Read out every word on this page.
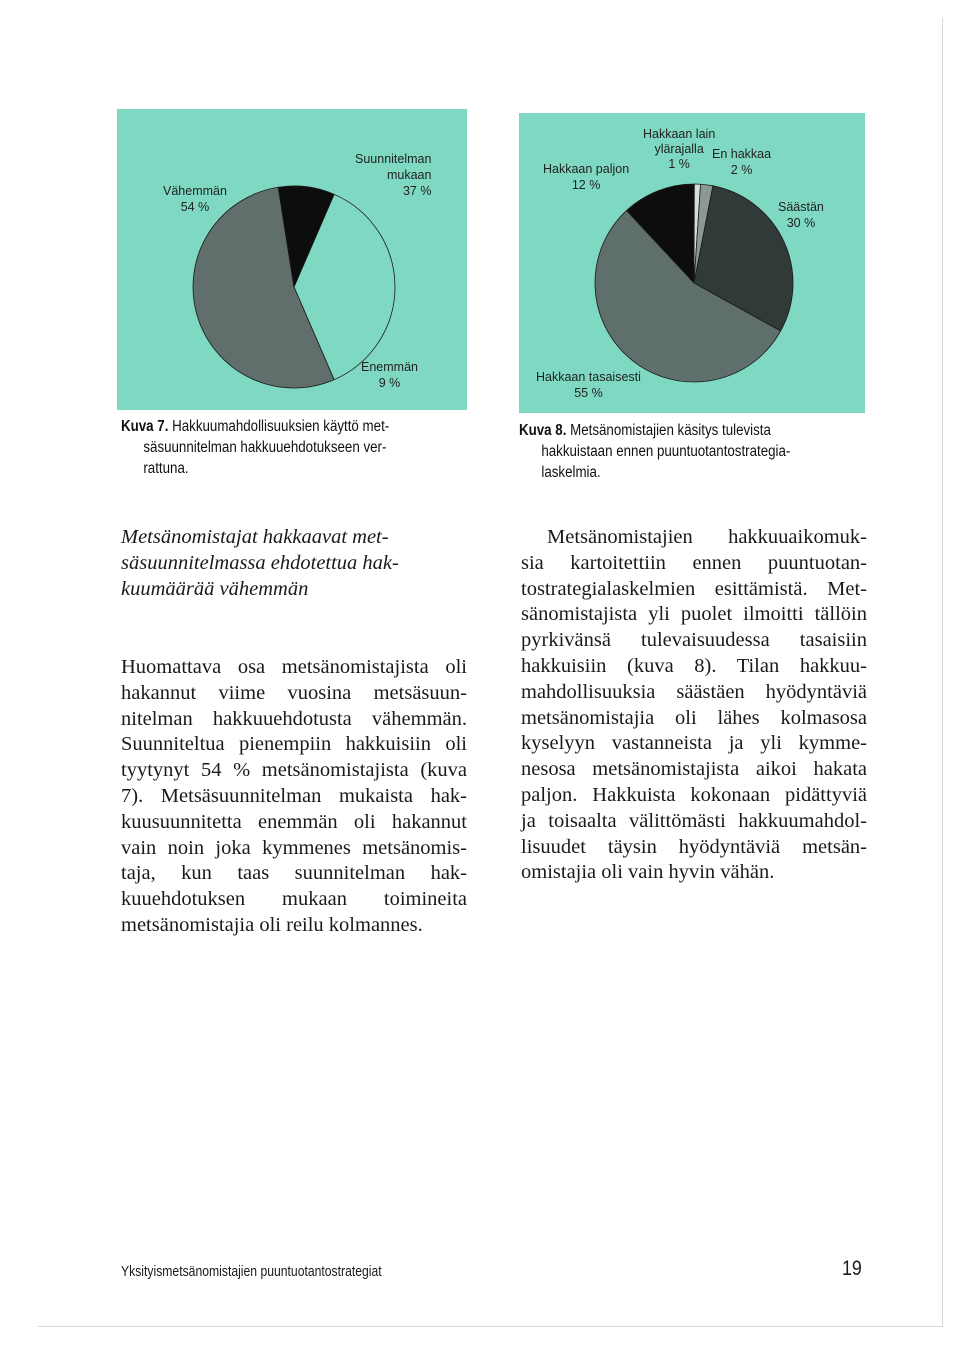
Vähemmän
54 %
Suunnitelman
mukaan
37 %
Enemmän
9 %
Hakkaan lain
ylärajalla
1 %
En hakkaa
2 %
Hakkaan paljon
12 %
Säästän
30 %
Hakkaan tasaisesti
55 %
Kuva 7. Hakkuumahdollisuuksien käyttö met-
säsuunnitelman hakkuuehdotukseen ver-
rattuna.
Kuva 8. Metsänomistajien käsitys tulevista
hakkuistaan ennen puuntuotantostrategia-
laskelmia.
Metsänomistajat hakkaavat met-
säsuunnitelmassa ehdotettua hak-
kuumäärää vähemmän
Huomattava osa metsänomistajista oli
hakannut viime vuosina metsäsuun-
nitelman hakkuuehdotusta vähemmän.
Suunniteltua pienempiin hakkuisiin oli
tyytynyt 54 % metsänomistajista (kuva
7). Metsäsuunnitelman mukaista hak-
kuusuunnitetta enemmän oli hakannut
vain noin joka kymmenes metsänomis-
taja, kun taas suunnitelman hak-
kuuehdotuksen mukaan toimineita
metsänomistajia oli reilu kolmannes.
Metsänomistajien hakkuuaikomuk-
sia kartoitettiin ennen puuntuotan-
tostrategialaskelmien esittämistä. Met-
sänomistajista yli puolet ilmoitti tällöin
pyrkivänsä tulevaisuudessa tasaisiin
hakkuisiin (kuva 8). Tilan hakkuu-
mahdollisuuksia säästäen hyödyntäviä
metsänomistajia oli lähes kolmasosa
kyselyyn vastanneista ja yli kymme-
nesosa metsänomistajista aikoi hakata
paljon. Hakkuista kokonaan pidättyviä
ja toisaalta välittömästi hakkuumahdol-
lisuudet täysin hyödyntäviä metsän-
omistajia oli vain hyvin vähän.
Yksityismetsänomistajien puuntuotantostrategiat	19
